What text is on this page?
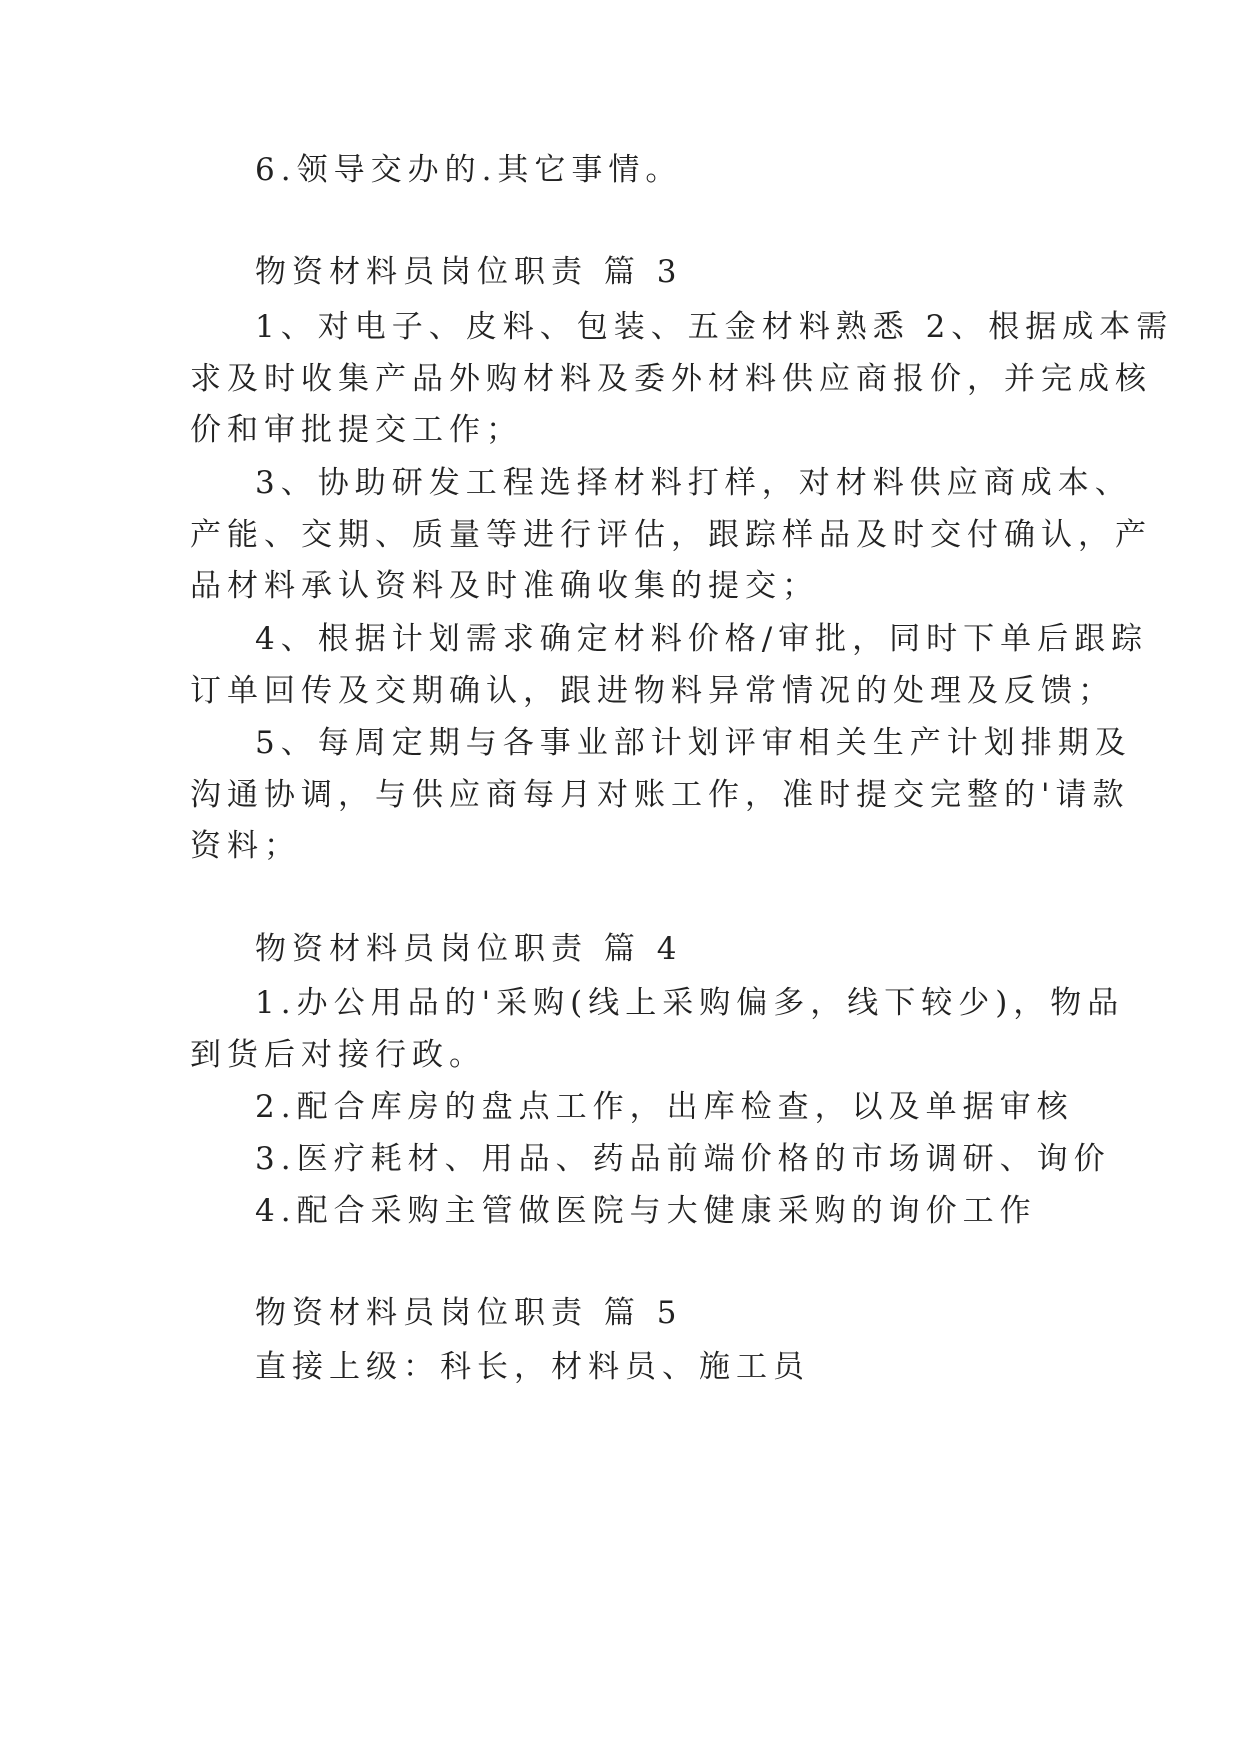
6.领导交办的.其它事情。
物资材料员岗位职责 篇 3
1、对电子、皮料、包装、五金材料熟悉 2、根据成本需
求及时收集产品外购材料及委外材料供应商报价，并完成核
价和审批提交工作；
3、协助研发工程选择材料打样，对材料供应商成本、
产能、交期、质量等进行评估，跟踪样品及时交付确认，产
品材料承认资料及时准确收集的提交；
4、根据计划需求确定材料价格/审批，同时下单后跟踪
订单回传及交期确认，跟进物料异常情况的处理及反馈；
5、每周定期与各事业部计划评审相关生产计划排期及
沟通协调，与供应商每月对账工作，准时提交完整的'请款
资料；
物资材料员岗位职责 篇 4
1.办公用品的'采购(线上采购偏多，线下较少)，物品
到货后对接行政。
2.配合库房的盘点工作，出库检查，以及单据审核
3.医疗耗材、用品、药品前端价格的市场调研、询价
4.配合采购主管做医院与大健康采购的询价工作
物资材料员岗位职责 篇 5
直接上级：科长，材料员、施工员
